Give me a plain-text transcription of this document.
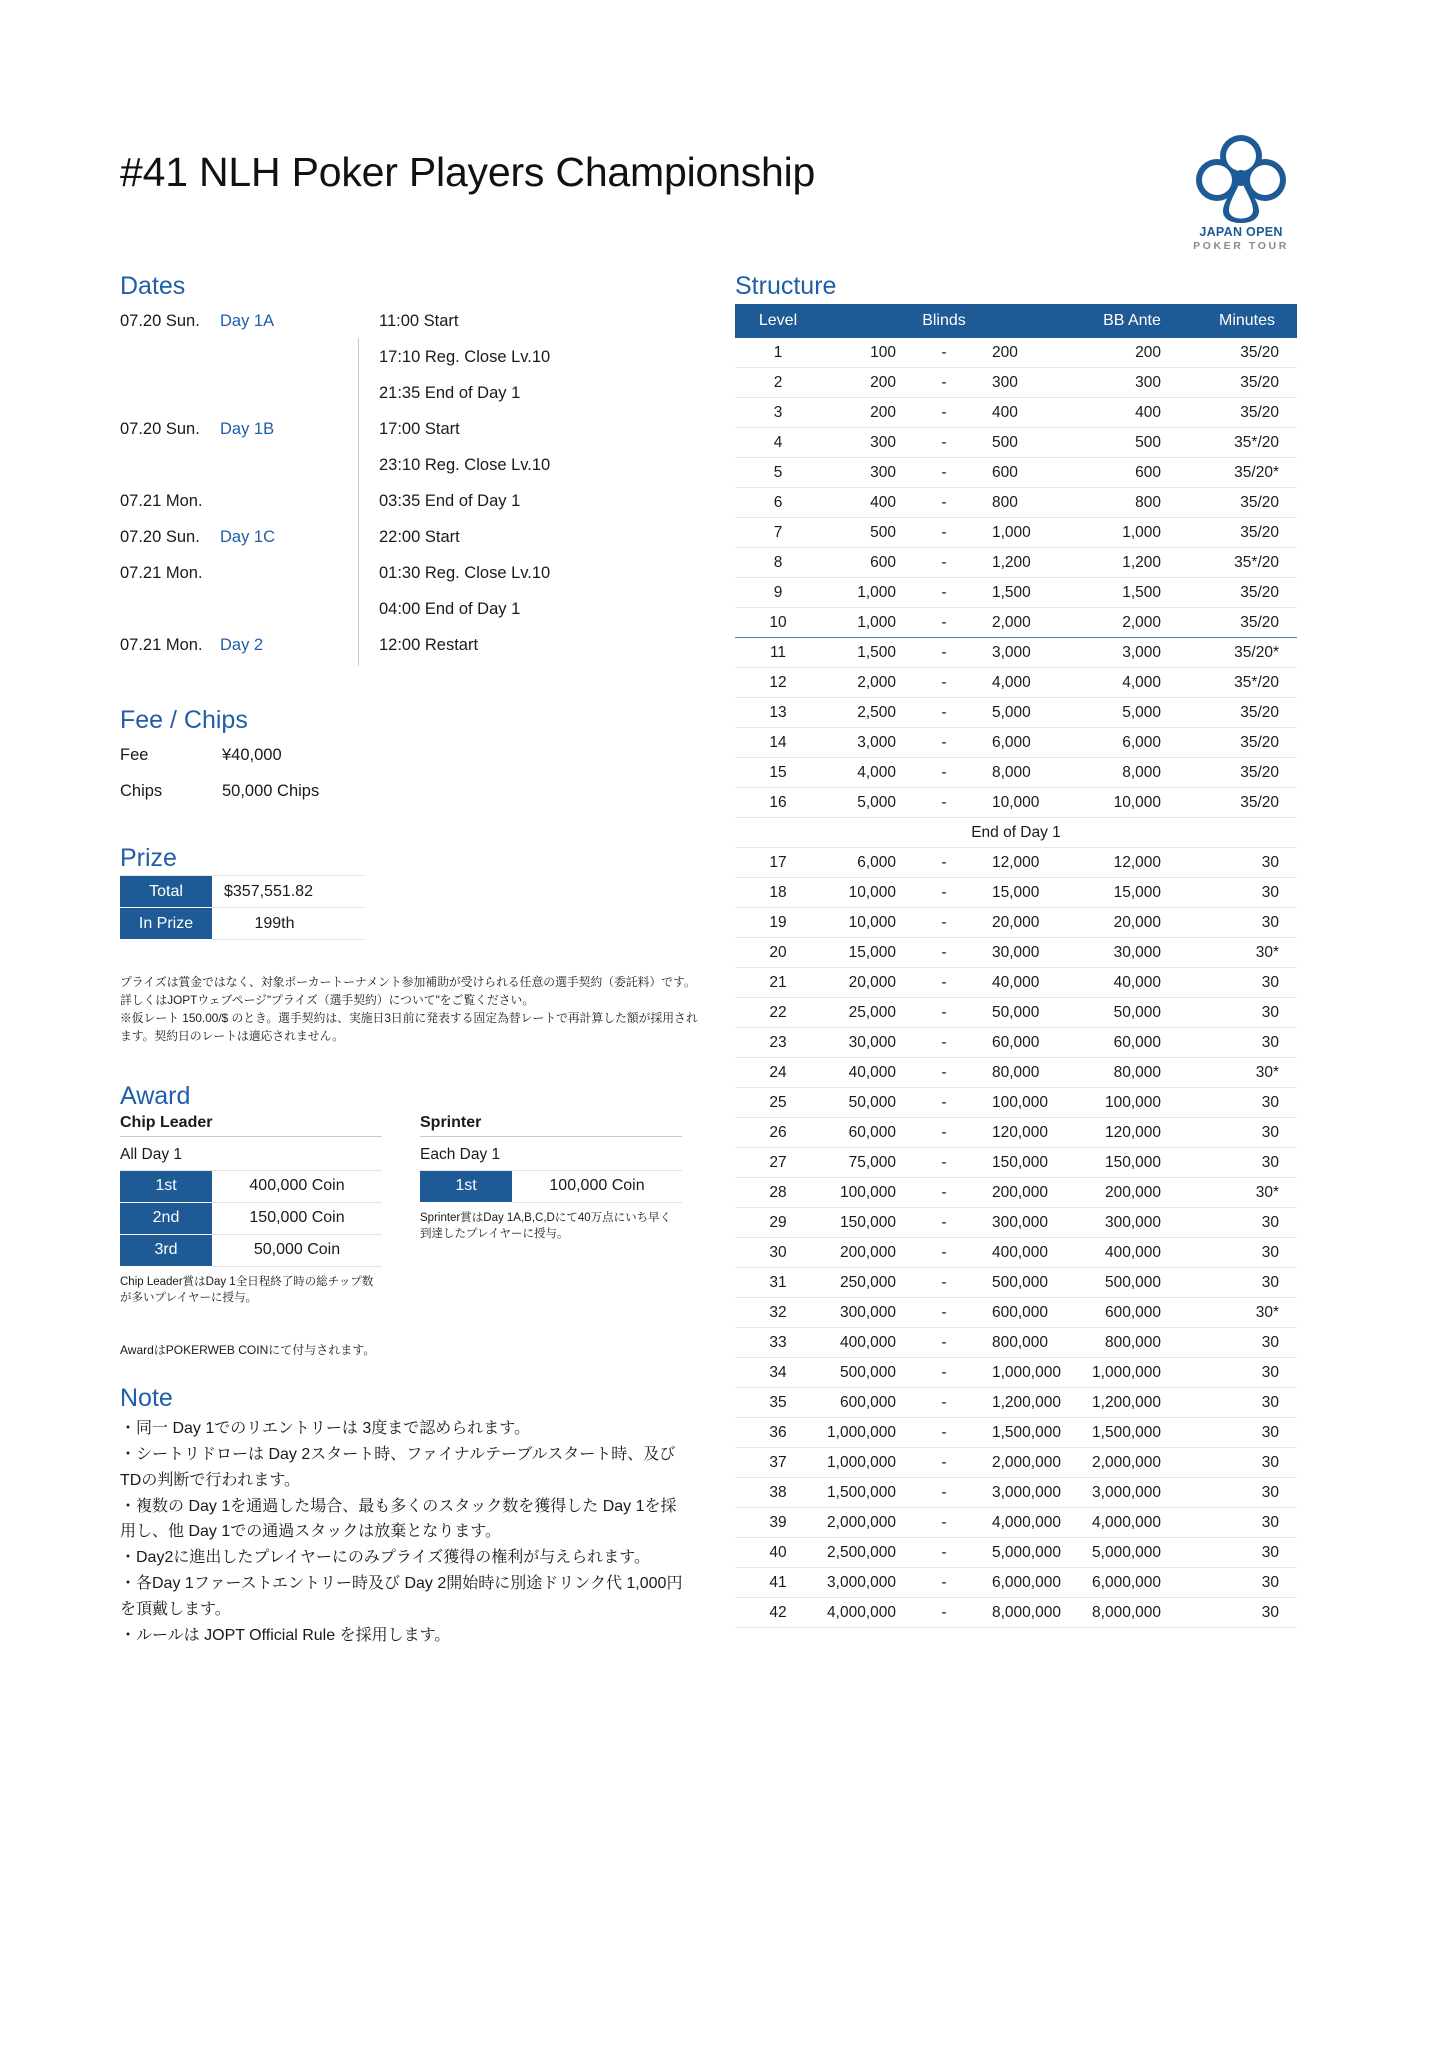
#41 NLH Poker Players Championship
JAPAN OPEN
POKER TOUR
Dates
07.20 Sun.	Day 1A	11:00 Start
17:10 Reg. Close Lv.10
21:35 End of Day 1
07.20 Sun.	Day 1B	17:00 Start
23:10 Reg. Close Lv.10
07.21 Mon.	03:35 End of Day 1
07.20 Sun.	Day 1C	22:00 Start
07.21 Mon.	01:30 Reg. Close Lv.10
04:00 End of Day 1
07.21 Mon.	Day 2	12:00 Restart
Fee / Chips
Fee	¥40,000
Chips	50,000 Chips
Prize
Total	$357,551.82
In Prize	199th
プライズは賞金ではなく、対象ポーカートーナメント参加補助が受けられる任意の選手契約（委託料）です。
詳しくはJOPTウェブページ"プライズ（選手契約）について"をご覧ください。
※仮レート 150.00/$ のとき。選手契約は、実施日3日前に発表する固定為替レートで再計算した額が採用されます。契約日のレートは適応されません。
Award
Chip Leader
All Day 1
1st	400,000 Coin
2nd	150,000 Coin
3rd	50,000 Coin
Chip Leader賞はDay 1全日程終了時の総チップ数が多いプレイヤーに授与。
Sprinter
Each Day 1
1st	100,000 Coin
Sprinter賞はDay 1A,B,C,Dにて40万点にいち早く到達したプレイヤーに授与。
AwardはPOKERWEB COINにて付与されます。
Note
・同一 Day 1でのリエントリーは 3度まで認められます。
・シートリドローは Day 2スタート時、ファイナルテーブルスタート時、及びTDの判断で行われます。
・複数の Day 1を通過した場合、最も多くのスタック数を獲得した Day 1を採用し、他 Day 1での通過スタックは放棄となります。
・Day2に進出したプレイヤーにのみプライズ獲得の権利が与えられます。
・各Day 1ファーストエントリー時及び Day 2開始時に別途ドリンク代 1,000円を頂戴します。
・ルールは JOPT Official Rule を採用します。
Structure
Level	Blinds			BB Ante	Minutes
1	100	-	200	200	35/20
2	200	-	300	300	35/20
3	200	-	400	400	35/20
4	300	-	500	500	35*/20
5	300	-	600	600	35/20*
6	400	-	800	800	35/20
7	500	-	1,000	1,000	35/20
8	600	-	1,200	1,200	35*/20
9	1,000	-	1,500	1,500	35/20
10	1,000	-	2,000	2,000	35/20
11	1,500	-	3,000	3,000	35/20*
12	2,000	-	4,000	4,000	35*/20
13	2,500	-	5,000	5,000	35/20
14	3,000	-	6,000	6,000	35/20
15	4,000	-	8,000	8,000	35/20
16	5,000	-	10,000	10,000	35/20
End of Day 1					
17	6,000	-	12,000	12,000	30
18	10,000	-	15,000	15,000	30
19	10,000	-	20,000	20,000	30
20	15,000	-	30,000	30,000	30*
21	20,000	-	40,000	40,000	30
22	25,000	-	50,000	50,000	30
23	30,000	-	60,000	60,000	30
24	40,000	-	80,000	80,000	30*
25	50,000	-	100,000	100,000	30
26	60,000	-	120,000	120,000	30
27	75,000	-	150,000	150,000	30
28	100,000	-	200,000	200,000	30*
29	150,000	-	300,000	300,000	30
30	200,000	-	400,000	400,000	30
31	250,000	-	500,000	500,000	30
32	300,000	-	600,000	600,000	30*
33	400,000	-	800,000	800,000	30
34	500,000	-	1,000,000	1,000,000	30
35	600,000	-	1,200,000	1,200,000	30
36	1,000,000	-	1,500,000	1,500,000	30
37	1,000,000	-	2,000,000	2,000,000	30
38	1,500,000	-	3,000,000	3,000,000	30
39	2,000,000	-	4,000,000	4,000,000	30
40	2,500,000	-	5,000,000	5,000,000	30
41	3,000,000	-	6,000,000	6,000,000	30
42	4,000,000	-	8,000,000	8,000,000	30
